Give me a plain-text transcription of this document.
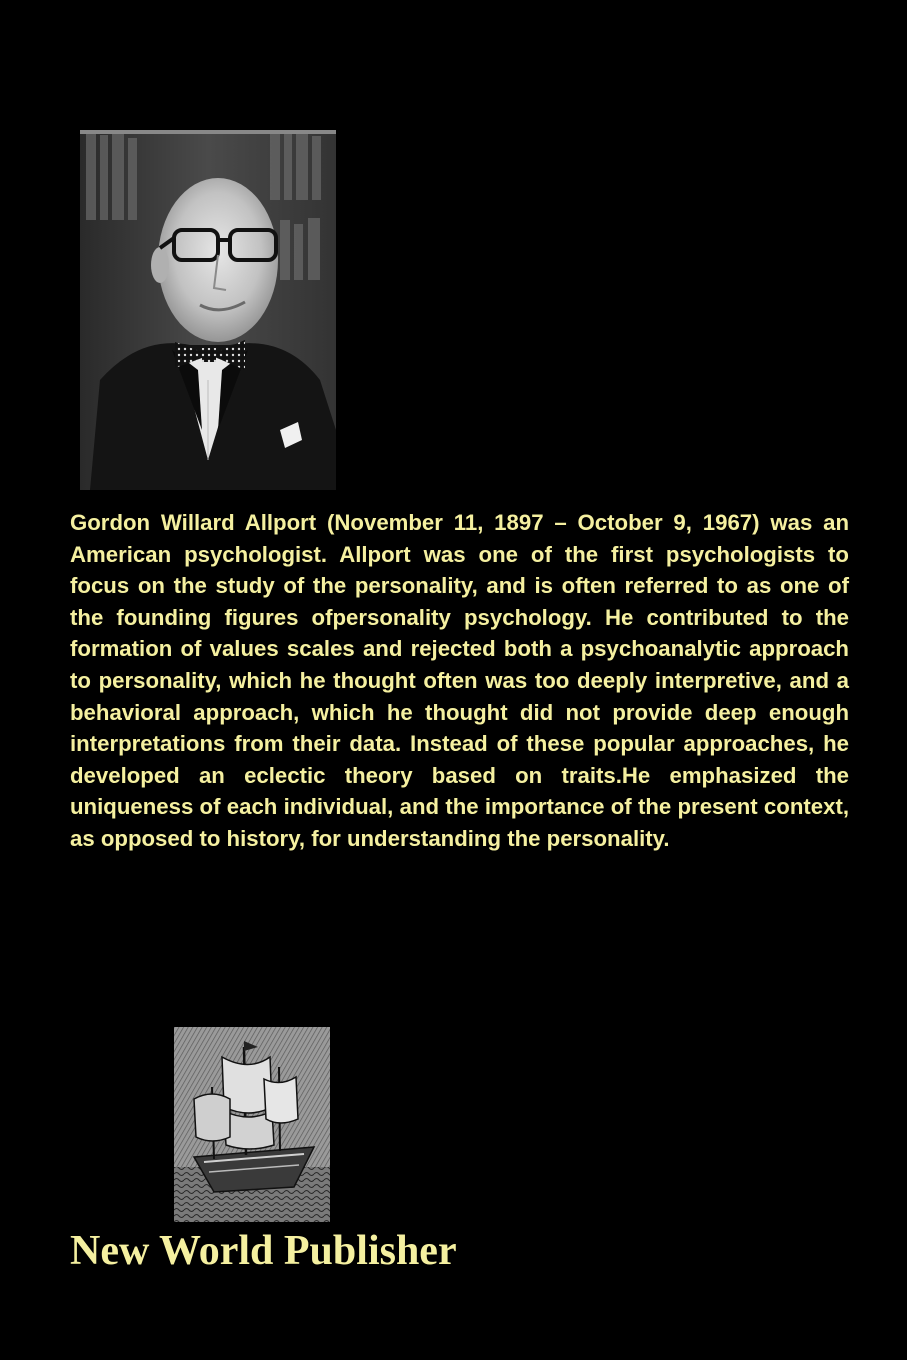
Gordon Willard Allport (November 11, 1897 – October 9, 1967) was an American psychologist. Allport was one of the first psychologists to focus on the study of the personality, and is often referred to as one of the founding figures ofpersonality psychology. He contributed to the formation of values scales and rejected both a psychoanalytic approach to personality, which he thought often was too deeply interpretive, and a behavioral approach, which he thought did not provide deep enough interpretations from their data. Instead of these popular approaches, he developed an eclectic theory based on traits.He emphasized the uniqueness of each individual, and the importance of the present context, as opposed to history, for understanding the personality.

New World Publisher
